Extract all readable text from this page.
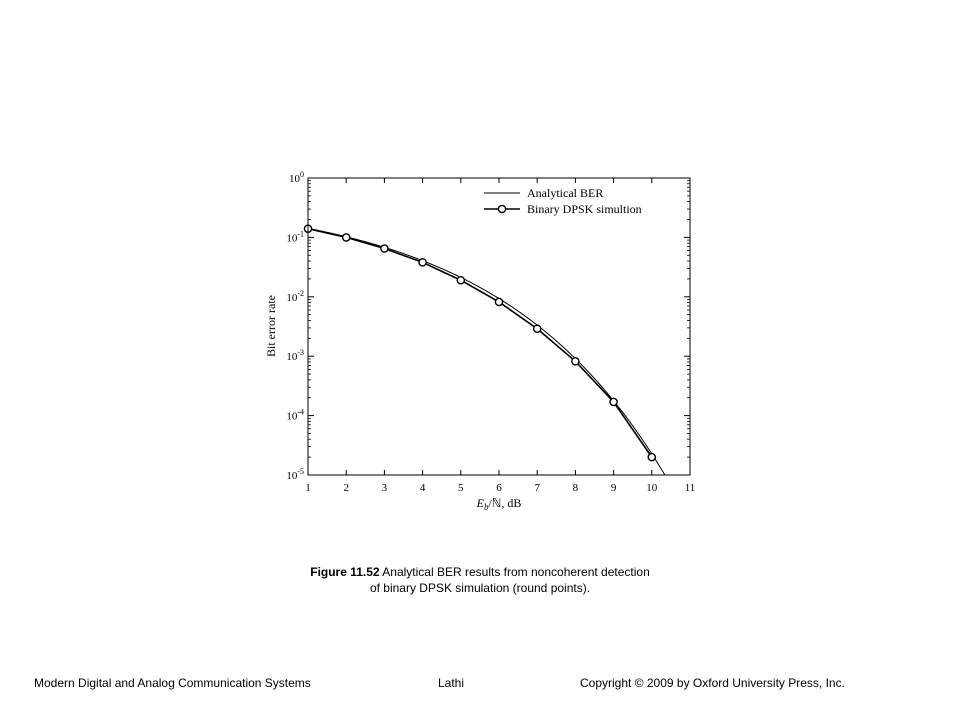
$10^0$
$10^{-1}$
$10^{-2}$
$10^{-3}$
$10^{-4}$
$10^{-5}$
1	2	3	4	5	6	7	8	9	10 11
Analytical BER
Binary DPSK simultion
Bit error rate
$E_b/ℕ$, dB
Figure 11.52 Analytical BER results from noncoherent detection
of binary DPSK simulation (round points).
Modern Digital and Analog Communication Systems	Lathi	Copyright © 2009 by Oxford University Press, Inc.
